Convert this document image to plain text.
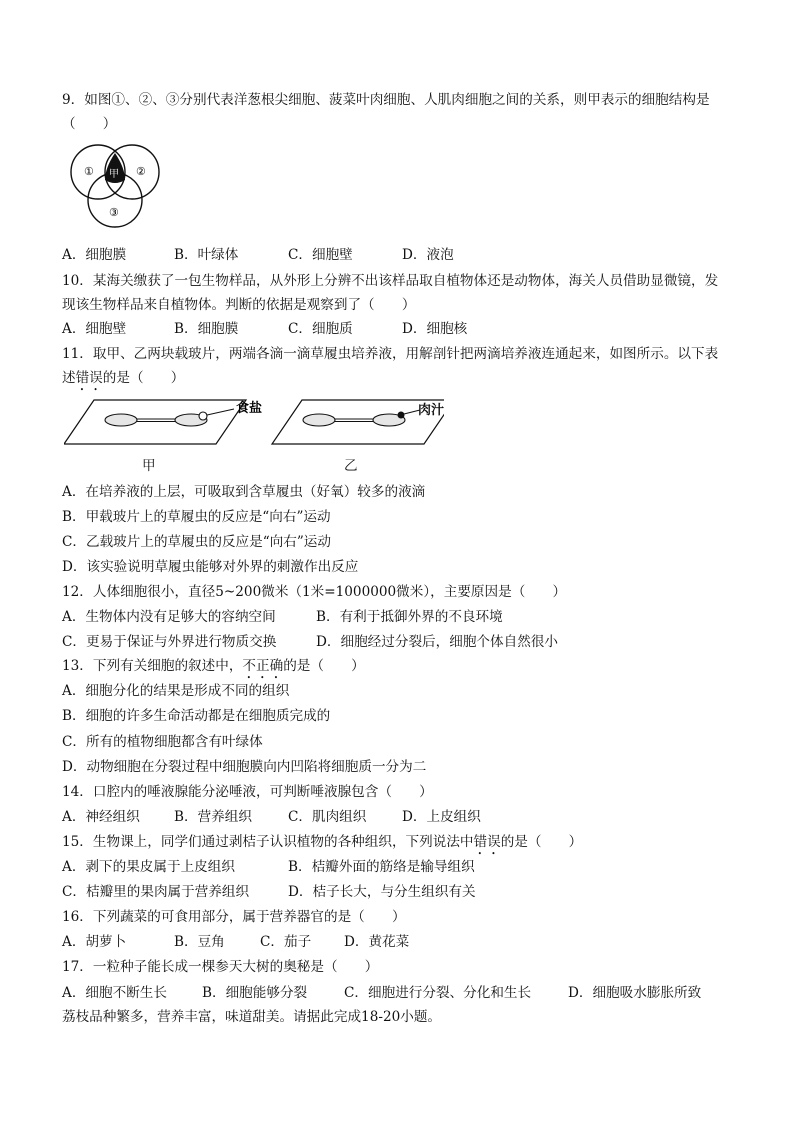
9．如图①、②、③分别代表洋葱根尖细胞、菠菜叶肉细胞、人肌肉细胞之间的关系，则甲表示的细胞结构是
（　　）
①	②
③
甲
A．细胞膜	B．叶绿体	C．细胞壁	D．液泡
10．某海关缴获了一包生物样品，从外形上分辨不出该样品取自植物体还是动物体，海关人员借助显微镜，发
现该生物样品来自植物体。判断的依据是观察到了（　　）
A．细胞壁	B．细胞膜	C．细胞质	D．细胞核
11．取甲、乙两块载玻片，两端各滴一滴草履虫培养液，用解剖针把两滴培养液连通起来，如图所示。以下表
述错误的是（　　）
食盐	肉汁
甲	乙
A．在培养液的上层，可吸取到含草履虫（好氧）较多的液滴
B．甲载玻片上的草履虫的反应是“向右”运动
C．乙载玻片上的草履虫的反应是“向右”运动
D．该实验说明草履虫能够对外界的刺激作出反应
12．人体细胞很小，直径5~200微米（1米=1000000微米），主要原因是（　　）
A．生物体内没有足够大的容纳空间	B．有利于抵御外界的不良环境
C．更易于保证与外界进行物质交换	D．细胞经过分裂后，细胞个体自然很小
13．下列有关细胞的叙述中，不正确的是（　　）
A．细胞分化的结果是形成不同的组织
B．细胞的许多生命活动都是在细胞质完成的
C．所有的植物细胞都含有叶绿体
D．动物细胞在分裂过程中细胞膜向内凹陷将细胞质一分为二
14．口腔内的唾液腺能分泌唾液，可判断唾液腺包含（　　）
A．神经组织	B．营养组织	C．肌肉组织	D．上皮组织
15．生物课上，同学们通过剥桔子认识植物的各种组织，下列说法中错误的是（　　）
A．剥下的果皮属于上皮组织	B．桔瓣外面的筋络是输导组织
C．桔瓣里的果肉属于营养组织	D．桔子长大，与分生组织有关
16．下列蔬菜的可食用部分，属于营养器官的是（　　）
A．胡萝卜	B．豆角	C．茄子 D．黄花菜
17．一粒种子能长成一棵参天大树的奥秘是（　　）
A．细胞不断生长	B．细胞能够分裂	C．细胞进行分裂、分化和生长	D．细胞吸水膨胀所致
荔枝品种繁多，营养丰富，味道甜美。请据此完成18-20小题。
